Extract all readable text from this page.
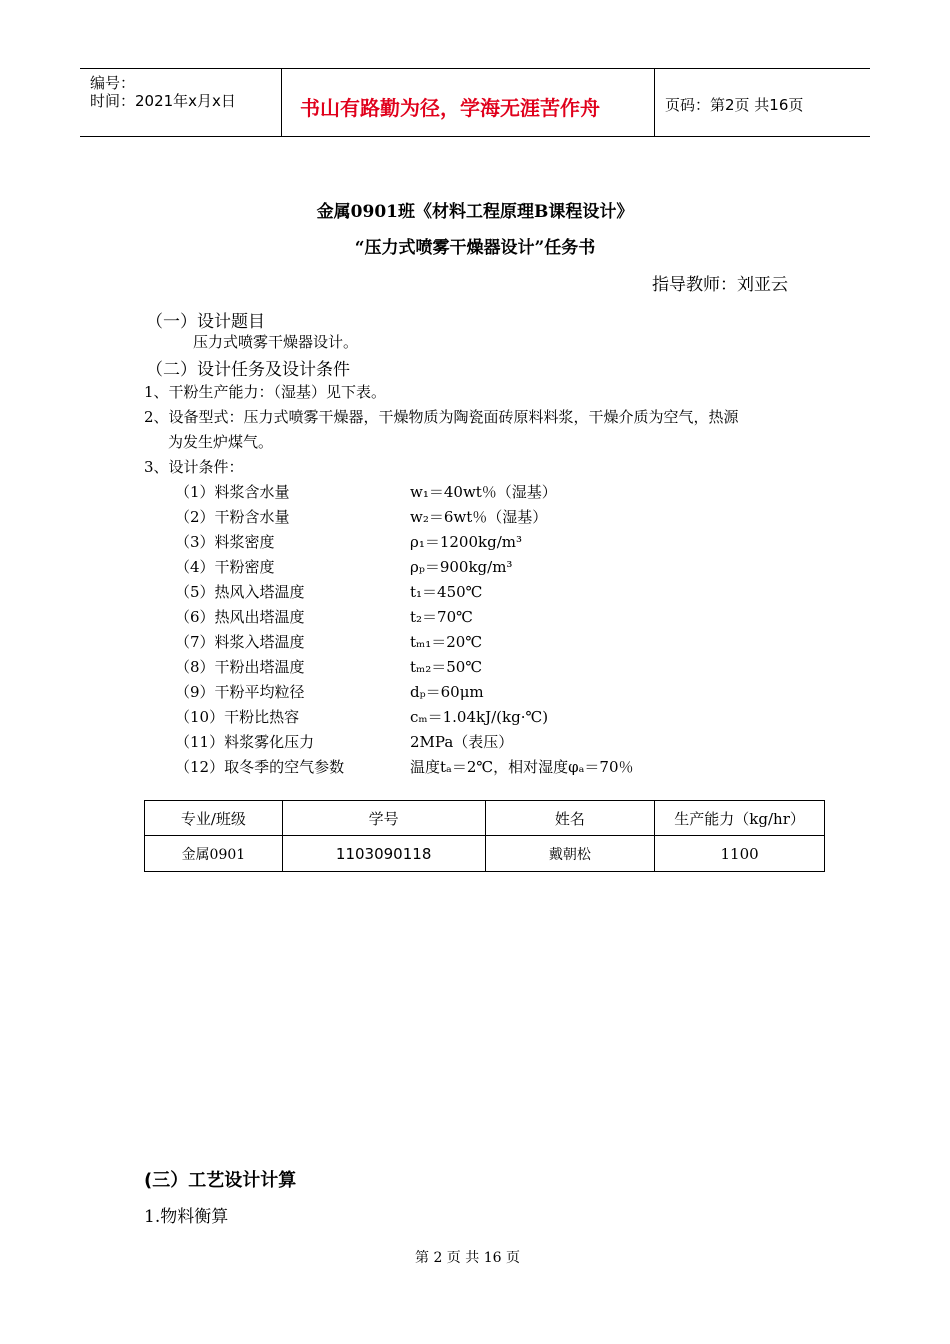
编号：
时间：2021年x月x日	书山有路勤为径，学海无涯苦作舟	页码：第2页 共16页
金属0901班《材料工程原理B课程设计》
“压力式喷雾干燥器设计”任务书
指导教师：刘亚云
（一）设计题目
压力式喷雾干燥器设计。
（二）设计任务及设计条件
1、干粉生产能力：（湿基）见下表。
2、设备型式：压力式喷雾干燥器，干燥物质为陶瓷面砖原料料浆，干燥介质为空气，热源
为发生炉煤气。
3、设计条件：
（1）料浆含水量	w₁＝40wt％（湿基）
（2）干粉含水量	w₂＝6wt％（湿基）
（3）料浆密度	ρ₁＝1200kg/m³
（4）干粉密度	ρₚ＝900kg/m³
（5）热风入塔温度	t₁＝450℃
（6）热风出塔温度	t₂＝70℃
（7）料浆入塔温度	tₘ₁＝20℃
（8）干粉出塔温度	tₘ₂＝50℃
（9）干粉平均粒径	dₚ＝60μm
（10）干粉比热容	cₘ＝1.04kJ/(kg·℃)
（11）料浆雾化压力	2MPa（表压）
（12）取冬季的空气参数	温度tₐ＝2℃，相对湿度φₐ＝70％
专业/班级	学号	姓名	生产能力（kg/hr）
金属0901	1103090118	戴朝松	1100
(三）工艺设计计算
1.物料衡算
第 2 页 共 16 页
